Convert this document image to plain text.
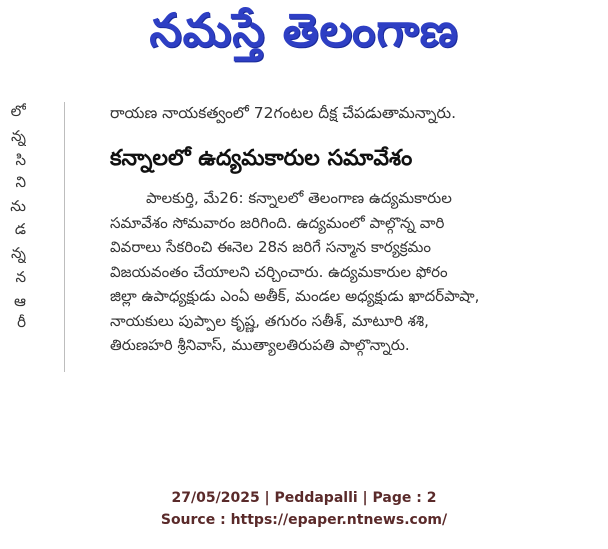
నమస్తే తెలంగాణ
లో
న్న
సి
ని
ను
డ
న్న
న
ఆ
రీ
రాయణ నాయకత్వంలో 72గంటల దీక్ష చేపడుతామన్నారు.
కన్నాలలో ఉద్యమకారుల సమావేశం
పాలకుర్తి, మే26: కన్నాలలో తెలంగాణ ఉద్యమకారుల
సమావేశం సోమవారం జరిగింది. ఉద్యమంలో పాల్గొన్న వారి
వివరాలు సేకరించి ఈనెల 28న జరిగే సన్మాన కార్యక్రమం
విజయవంతం చేయాలని చర్చించారు. ఉద్యమకారుల ఫోరం
జిల్లా ఉపాధ్యక్షుడు ఎంఏ అతీక్, మండల అధ్యక్షుడు ఖాదర్‌పాషా,
నాయకులు పుప్పాల కృష్ణ, తగురం సతీశ్, మాటూరి శశి,
తిరుణహరి శ్రీనివాస్, ముత్యాలతిరుపతి పాల్గొన్నారు.
27/05/2025 | Peddapalli | Page : 2
Source : https://epaper.ntnews.com/
